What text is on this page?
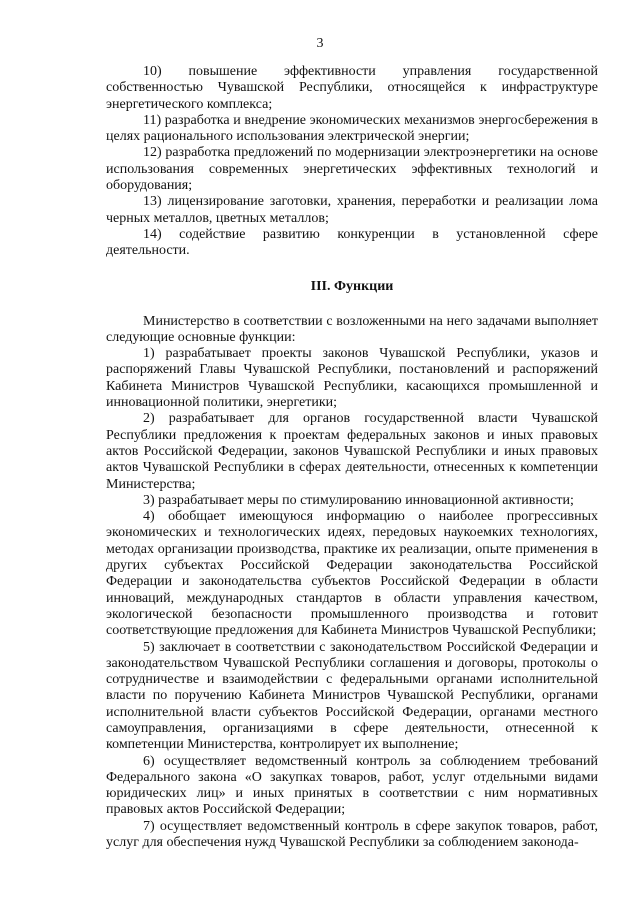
3

10) повышение эффективности управления государственной собственностью Чувашской Республики, относящейся к инфраструктуре энергетического комплекса;

11) разработка и внедрение экономических механизмов энергосбережения в целях рационального использования электрической энергии;

12) разработка предложений по модернизации электроэнергетики на основе использования современных энергетических эффективных технологий и оборудования;

13) лицензирование заготовки, хранения, переработки и реализации лома черных металлов, цветных металлов;

14) содействие развитию конкуренции в установленной сфере деятельности.

III. Функции

Министерство в соответствии с возложенными на него задачами выполняет следующие основные функции:

1) разрабатывает проекты законов Чувашской Республики, указов и распоряжений Главы Чувашской Республики, постановлений и распоряжений Кабинета Министров Чувашской Республики, касающихся промышленной и инновационной политики, энергетики;

2) разрабатывает для органов государственной власти Чувашской Республики предложения к проектам федеральных законов и иных правовых актов Российской Федерации, законов Чувашской Республики и иных правовых актов Чувашской Республики в сферах деятельности, отнесенных к компетенции Министерства;

3) разрабатывает меры по стимулированию инновационной активности;

4) обобщает имеющуюся информацию о наиболее прогрессивных экономических и технологических идеях, передовых наукоемких технологиях, методах организации производства, практике их реализации, опыте применения в других субъектах Российской Федерации законодательства Российской Федерации и законодательства субъектов Российской Федерации в области инноваций, международных стандартов в области управления качеством, экологической безопасности промышленного производства и готовит соответствующие предложения для Кабинета Министров Чувашской Республики;

5) заключает в соответствии с законодательством Российской Федерации и законодательством Чувашской Республики соглашения и договоры, протоколы о сотрудничестве и взаимодействии с федеральными органами исполнительной власти по поручению Кабинета Министров Чувашской Республики, органами исполнительной власти субъектов Российской Федерации, органами местного самоуправления, организациями в сфере деятельности, отнесенной к компетенции Министерства, контролирует их выполнение;

6) осуществляет ведомственный контроль за соблюдением требований Федерального закона «О закупках товаров, работ, услуг отдельными видами юридических лиц» и иных принятых в соответствии с ним нормативных правовых актов Российской Федерации;

7) осуществляет ведомственный контроль в сфере закупок товаров, работ, услуг для обеспечения нужд Чувашской Республики за соблюдением законода-
